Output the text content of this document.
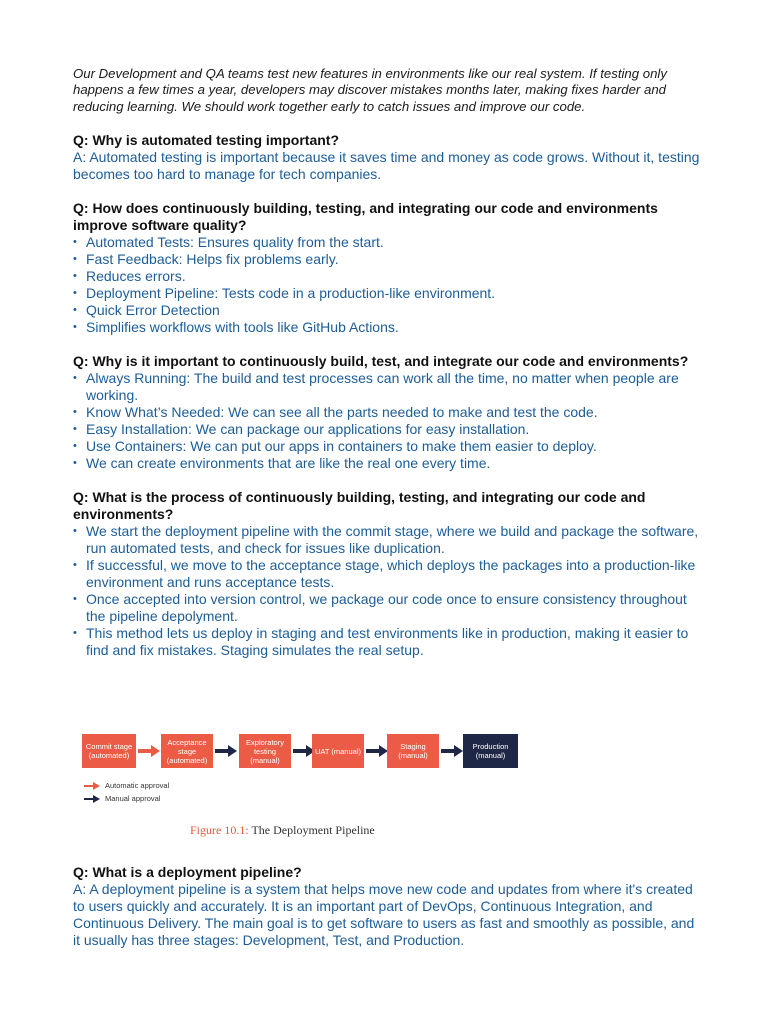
Our Development and QA teams test new features in environments like our real system. If testing only happens a few times a year, developers may discover mistakes months later, making fixes harder and reducing learning. We should work together early to catch issues and improve our code.

Q: Why is automated testing important?

A: Automated testing is important because it saves time and money as code grows. Without it, testing becomes too hard to manage for tech companies.

Q: How does continuously building, testing, and integrating our code and environments improve software quality?

• Automated Tests: Ensures quality from the start.
• Fast Feedback: Helps fix problems early.
• Reduces errors.
• Deployment Pipeline: Tests code in a production-like environment.
• Quick Error Detection
• Simplifies workflows with tools like GitHub Actions.

Q: Why is it important to continuously build, test, and integrate our code and environments?

• Always Running: The build and test processes can work all the time, no matter when people are working.
• Know What’s Needed: We can see all the parts needed to make and test the code.
• Easy Installation: We can package our applications for easy installation.
• Use Containers: We can put our apps in containers to make them easier to deploy.
• We can create environments that are like the real one every time.

Q: What is the process of continuously building, testing, and integrating our code and environments?

• We start the deployment pipeline with the commit stage, where we build and package the software, run automated tests, and check for issues like duplication.
• If successful, we move to the acceptance stage, which deploys the packages into a production-like environment and runs acceptance tests.
• Once accepted into version control, we package our code once to ensure consistency throughout the pipeline depolyment.
• This method lets us deploy in staging and test environments like in production, making it easier to find and fix mistakes. Staging simulates the real setup.
Commit stage (automated)
Acceptance stage (automated)
Exploratory testing (manual)
UAT (manual)	Staging (manual)
Production (manual)
Automatic approval
Manual approval
Figure 10.1: The Deployment Pipeline

Q: What is a deployment pipeline?

A: A deployment pipeline is a system that helps move new code and updates from where it's created to users quickly and accurately. It is an important part of DevOps, Continuous Integration, and Continuous Delivery. The main goal is to get software to users as fast and smoothly as possible, and it usually has three stages: Development, Test, and Production.
